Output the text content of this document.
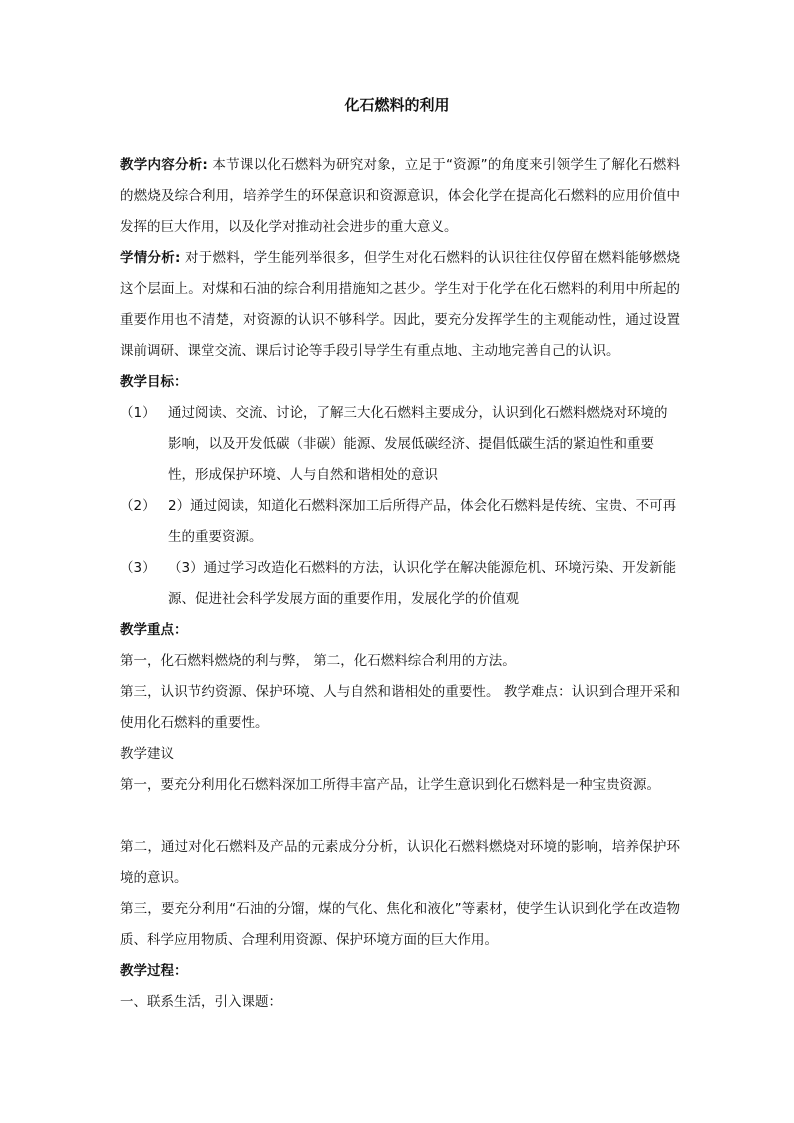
化石燃料的利用

教学内容分析: 本节课以化石燃料为研究对象，立足于“资源”的角度来引领学生了解化石燃料的燃烧及综合利用，培养学生的环保意识和资源意识，体会化学在提高化石燃料的应用价值中发挥的巨大作用，以及化学对推动社会进步的重大意义。

学情分析: 对于燃料，学生能列举很多，但学生对化石燃料的认识往往仅停留在燃料能够燃烧这个层面上。对煤和石油的综合利用措施知之甚少。学生对于化学在化石燃料的利用中所起的重要作用也不清楚，对资源的认识不够科学。因此，要充分发挥学生的主观能动性，通过设置课前调研、课堂交流、课后讨论等手段引导学生有重点地、主动地完善自己的认识。

教学目标：

（1） 通过阅读、交流、讨论，了解三大化石燃料主要成分，认识到化石燃料燃烧对环境的影响，以及开发低碳（非碳）能源、发展低碳经济、提倡低碳生活的紧迫性和重要性，形成保护环境、人与自然和谐相处的意识
（2） 2）通过阅读，知道化石燃料深加工后所得产品，体会化石燃料是传统、宝贵、不可再生的重要资源。
（3） （3）通过学习改造化石燃料的方法，认识化学在解决能源危机、环境污染、开发新能源、促进社会科学发展方面的重要作用，发展化学的价值观

教学重点：

第一，化石燃料燃烧的利与弊， 第二，化石燃料综合利用的方法。

第三，认识节约资源、保护环境、人与自然和谐相处的重要性。 教学难点：认识到合理开采和使用化石燃料的重要性。

教学建议

第一，要充分利用化石燃料深加工所得丰富产品，让学生意识到化石燃料是一种宝贵资源。

第二，通过对化石燃料及产品的元素成分分析，认识化石燃料燃烧对环境的影响，培养保护环境的意识。

第三，要充分利用“石油的分馏，煤的气化、焦化和液化”等素材，使学生认识到化学在改造物质、科学应用物质、合理利用资源、保护环境方面的巨大作用。

教学过程：

一、联系生活，引入课题：
